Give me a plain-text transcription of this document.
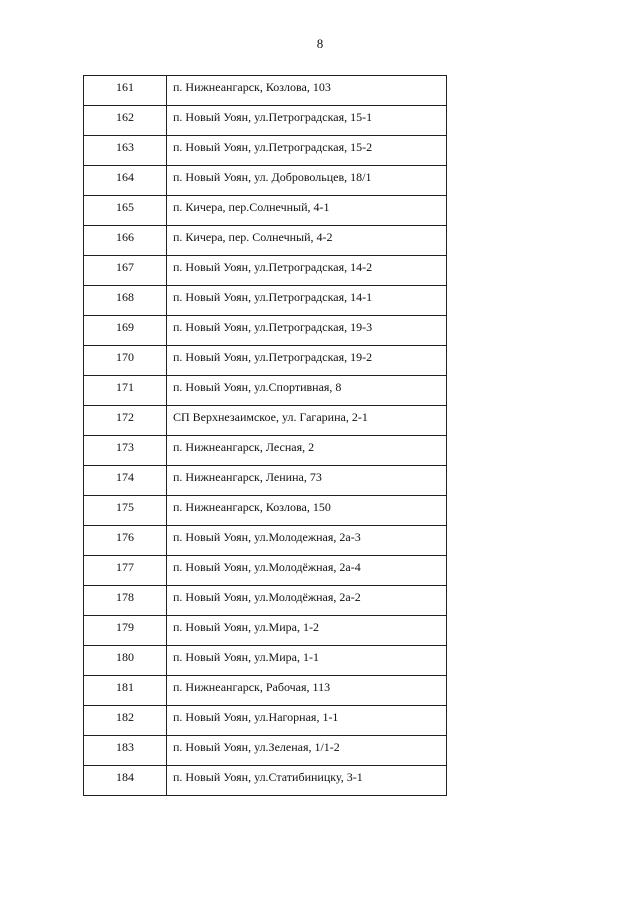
8
161	п. Нижнеангарск, Козлова, 103
162	п. Новый Уоян, ул.Петроградская, 15-1
163	п. Новый Уоян, ул.Петроградская, 15-2
164	п. Новый Уоян, ул. Добровольцев, 18/1
165	п. Кичера, пер.Солнечный, 4-1
166	п. Кичера, пер. Солнечный, 4-2
167	п. Новый Уоян, ул.Петроградская, 14-2
168	п. Новый Уоян, ул.Петроградская, 14-1
169	п. Новый Уоян, ул.Петроградская, 19-3
170	п. Новый Уоян, ул.Петроградская, 19-2
171	п. Новый Уоян, ул.Спортивная, 8
172	СП Верхнезаимское, ул. Гагарина, 2-1
173	п. Нижнеангарск, Лесная, 2
174	п. Нижнеангарск, Ленина, 73
175	п. Нижнеангарск, Козлова, 150
176	п. Новый Уоян, ул.Молодежная, 2а-3
177	п. Новый Уоян, ул.Молодёжная, 2а-4
178	п. Новый Уоян, ул.Молодёжная, 2а-2
179	п. Новый Уоян, ул.Мира, 1-2
180	п. Новый Уоян, ул.Мира, 1-1
181	п. Нижнеангарск, Рабочая, 113
182	п. Новый Уоян, ул.Нагорная, 1-1
183	п. Новый Уоян, ул.Зеленая, 1/1-2
184	п. Новый Уоян, ул.Статибиницку, 3-1
